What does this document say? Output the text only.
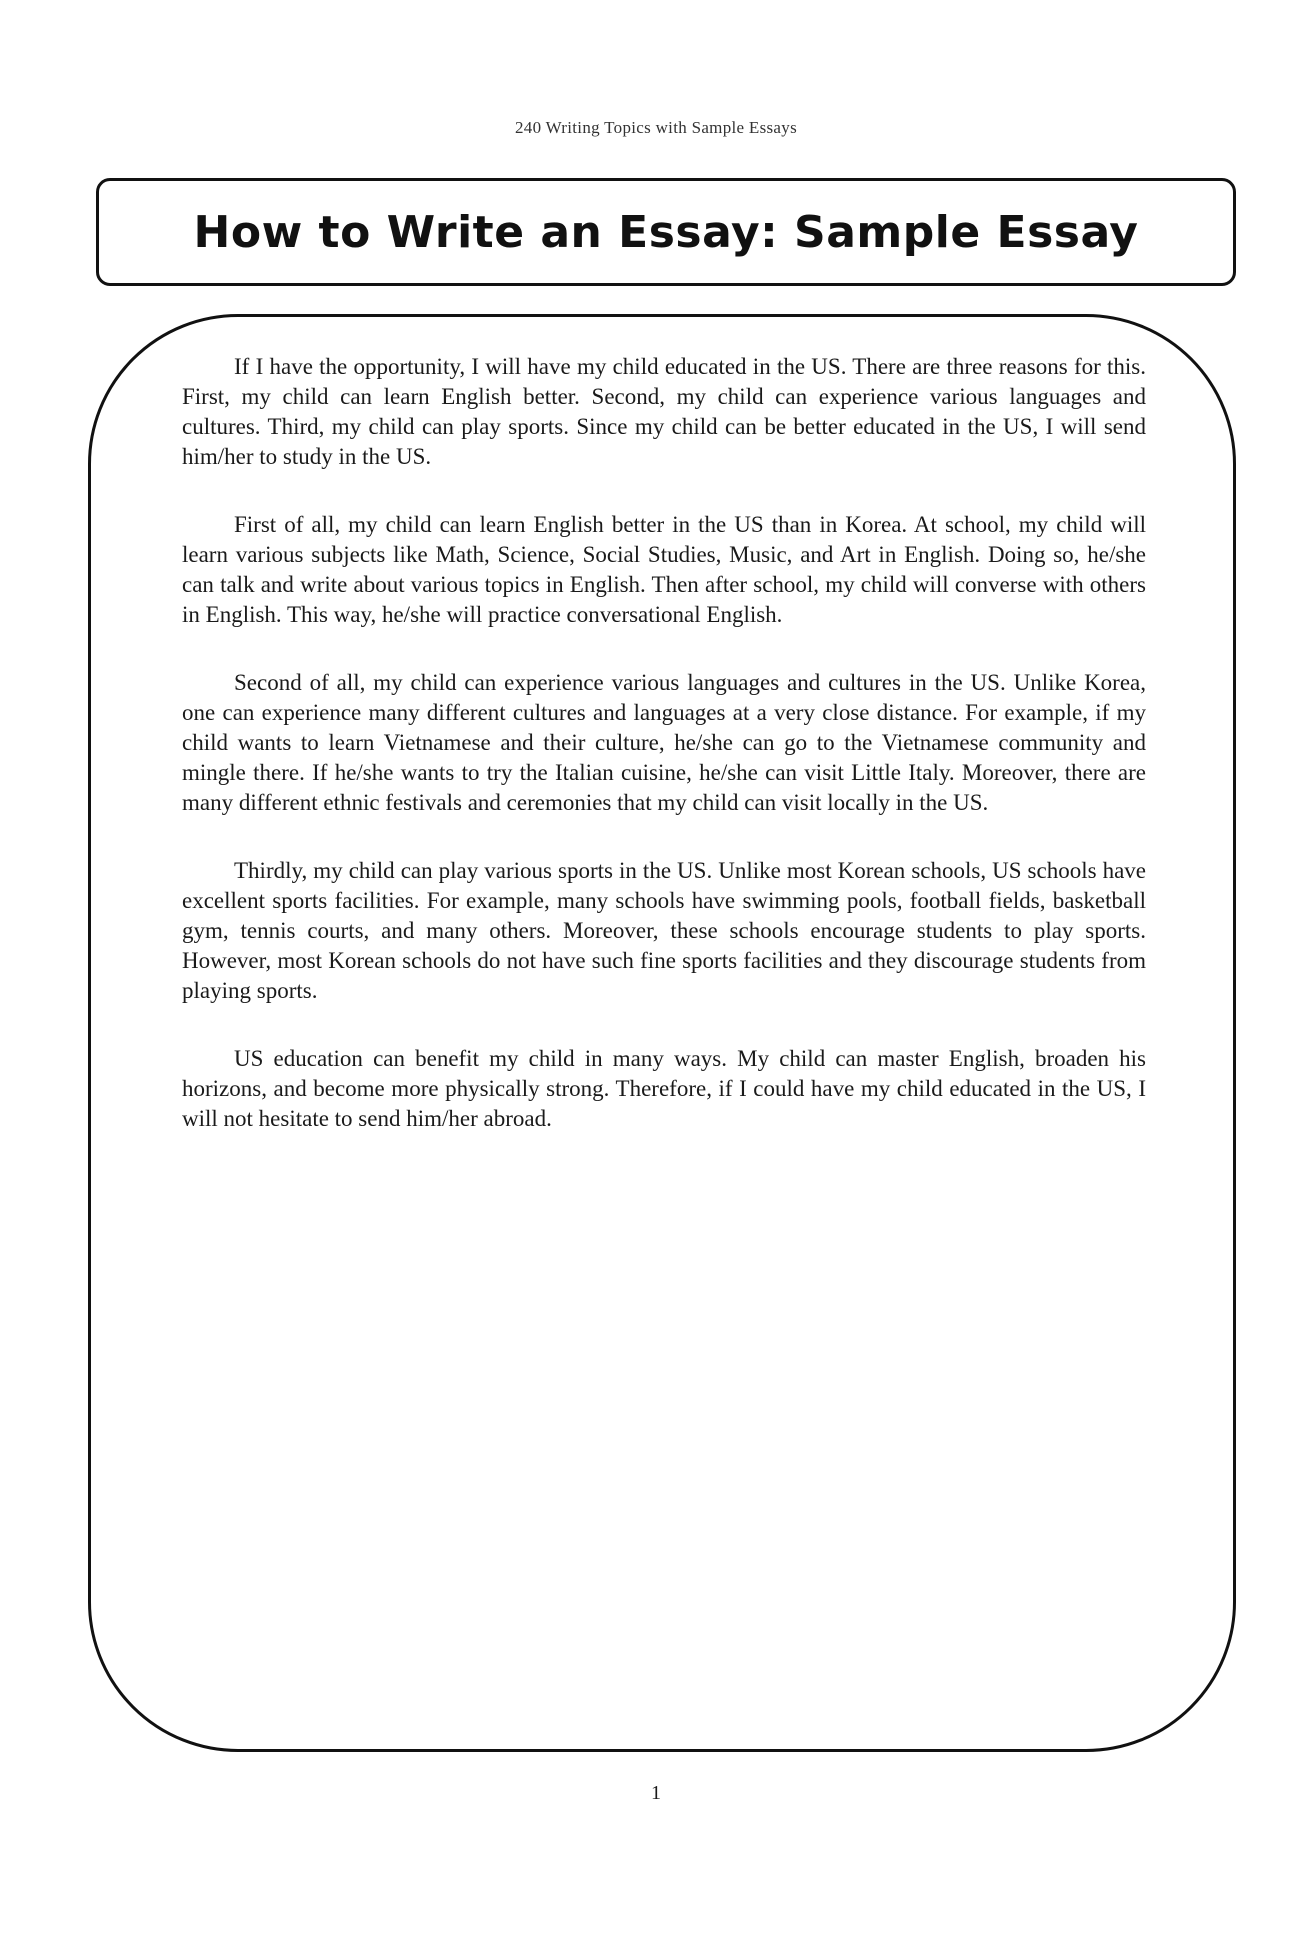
240 Writing Topics with Sample Essays
How to Write an Essay: Sample Essay

If I have the opportunity, I will have my child educated in the US. There are three reasons for this. First, my child can learn English better. Second, my child can experience various languages and cultures. Third, my child can play sports. Since my child can be better educated in the US, I will send him/her to study in the US.

First of all, my child can learn English better in the US than in Korea. At school, my child will learn various subjects like Math, Science, Social Studies, Music, and Art in English. Doing so, he/she can talk and write about various topics in English. Then after school, my child will converse with others in English. This way, he/she will practice conversational English.

Second of all, my child can experience various languages and cultures in the US. Unlike Korea, one can experience many different cultures and languages at a very close distance. For example, if my child wants to learn Vietnamese and their culture, he/she can go to the Vietnamese community and mingle there. If he/she wants to try the Italian cuisine, he/she can visit Little Italy. Moreover, there are many different ethnic festivals and ceremonies that my child can visit locally in the US.

Thirdly, my child can play various sports in the US. Unlike most Korean schools, US schools have excellent sports facilities. For example, many schools have swimming pools, football fields, basketball gym, tennis courts, and many others. Moreover, these schools encourage students to play sports. However, most Korean schools do not have such fine sports facilities and they discourage students from playing sports.

US education can benefit my child in many ways. My child can master English, broaden his horizons, and become more physically strong. Therefore, if I could have my child educated in the US, I will not hesitate to send him/her abroad.

1
